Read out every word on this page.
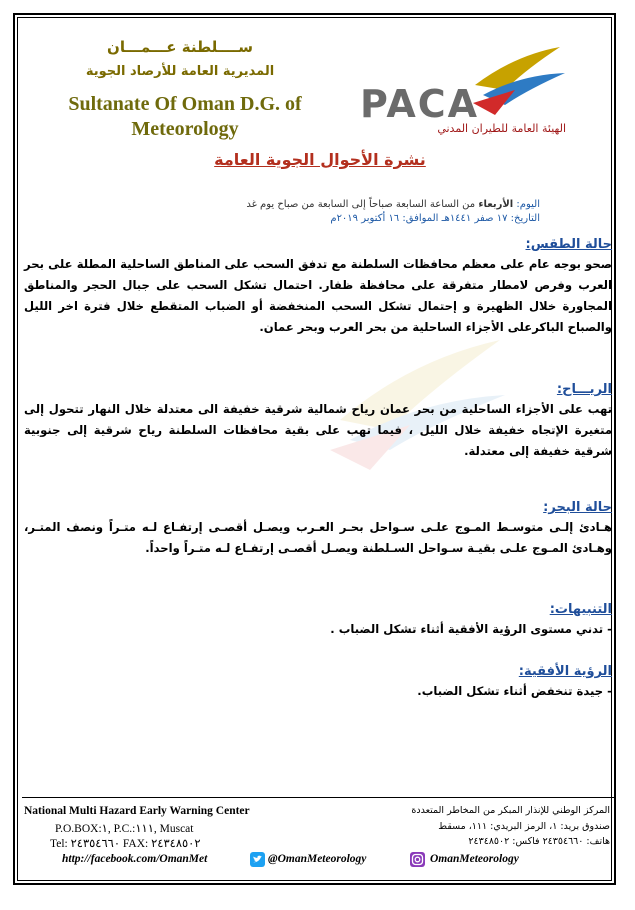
ســــلطنة عـــمـــان
المديرية العامة للأرصاد الجوية
Sultanate Of Oman D.G. of
Meteorology
PACA
الهيئة العامة للطيران المدني
نشرة الأحوال الجوية العامة
اليوم: الأربعاء من الساعة السابعة صباحاً إلى السابعة من صباح يوم غد
التاريخ: ١٧ صفر ١٤٤١هـ الموافق: ١٦ أكتوبر ٢٠١٩م
حالة الطقس:
صحو بوجه عام على معظم محافظات السلطنة مع تدفق السحب على المناطق الساحلية المطلة على بحر العرب وفرص لامطار متفرقة على محافظة ظفار. احتمال تشكل السحب على جبال الحجر والمناطق المجاورة خلال الظهيرة و إحتمال تشكل السحب المنخفضة أو الضباب المتقطع خلال فترة اخر الليل والصباح الباكرعلى الأجزاء الساحلية من بحر العرب وبحر عمان.
الريـــاح:
تهب على الأجزاء الساحلية من بحر عمان رياح شمالية شرقية خفيفة الى معتدلة خلال النهار تتحول إلى متغيرة الإتجاه خفيفة خلال الليل ، فيما تهب على بقية محافظات السلطنة رياح شرقية إلى جنوبية شرقية خفيفة إلى معتدلة.
حالة البحر:
هـادئ إلـى متوسـط المـوج علـى سـواحل بحـر العـرب ويصـل أقصـى إرتفـاع لـه متـراً ونصف المتـر، وهـادئ المـوج علـى بقيـة سـواحل السـلطنة ويصـل أقصـى إرتفـاع لـه متـراً واحداً.
التنبيهات:
- تدني مستوى الرؤية الأفقية أثناء تشكل الضباب .
الرؤية الأفقية:
- جيدة تنخفض أثناء تشكل الضباب.
National Multi Hazard Early Warning Center
P.O.BOX:١, P.C.:١١١, Muscat
Tel: ٢٤٣٥٤٦٦٠ FAX: ٢٤٣٤٨٥٠٢
المركز الوطني للإنذار المبكر من المخاطر المتعددة
صندوق بريد: ١، الرمز البريدي: ١١١، مسقط
هاتف: ٢٤٣٥٤٦٦٠ فاكس: ٢٤٣٤٨٥٠٢
http://facebook.com/OmanMet	@OmanMeteorology	OmanMeteorology
